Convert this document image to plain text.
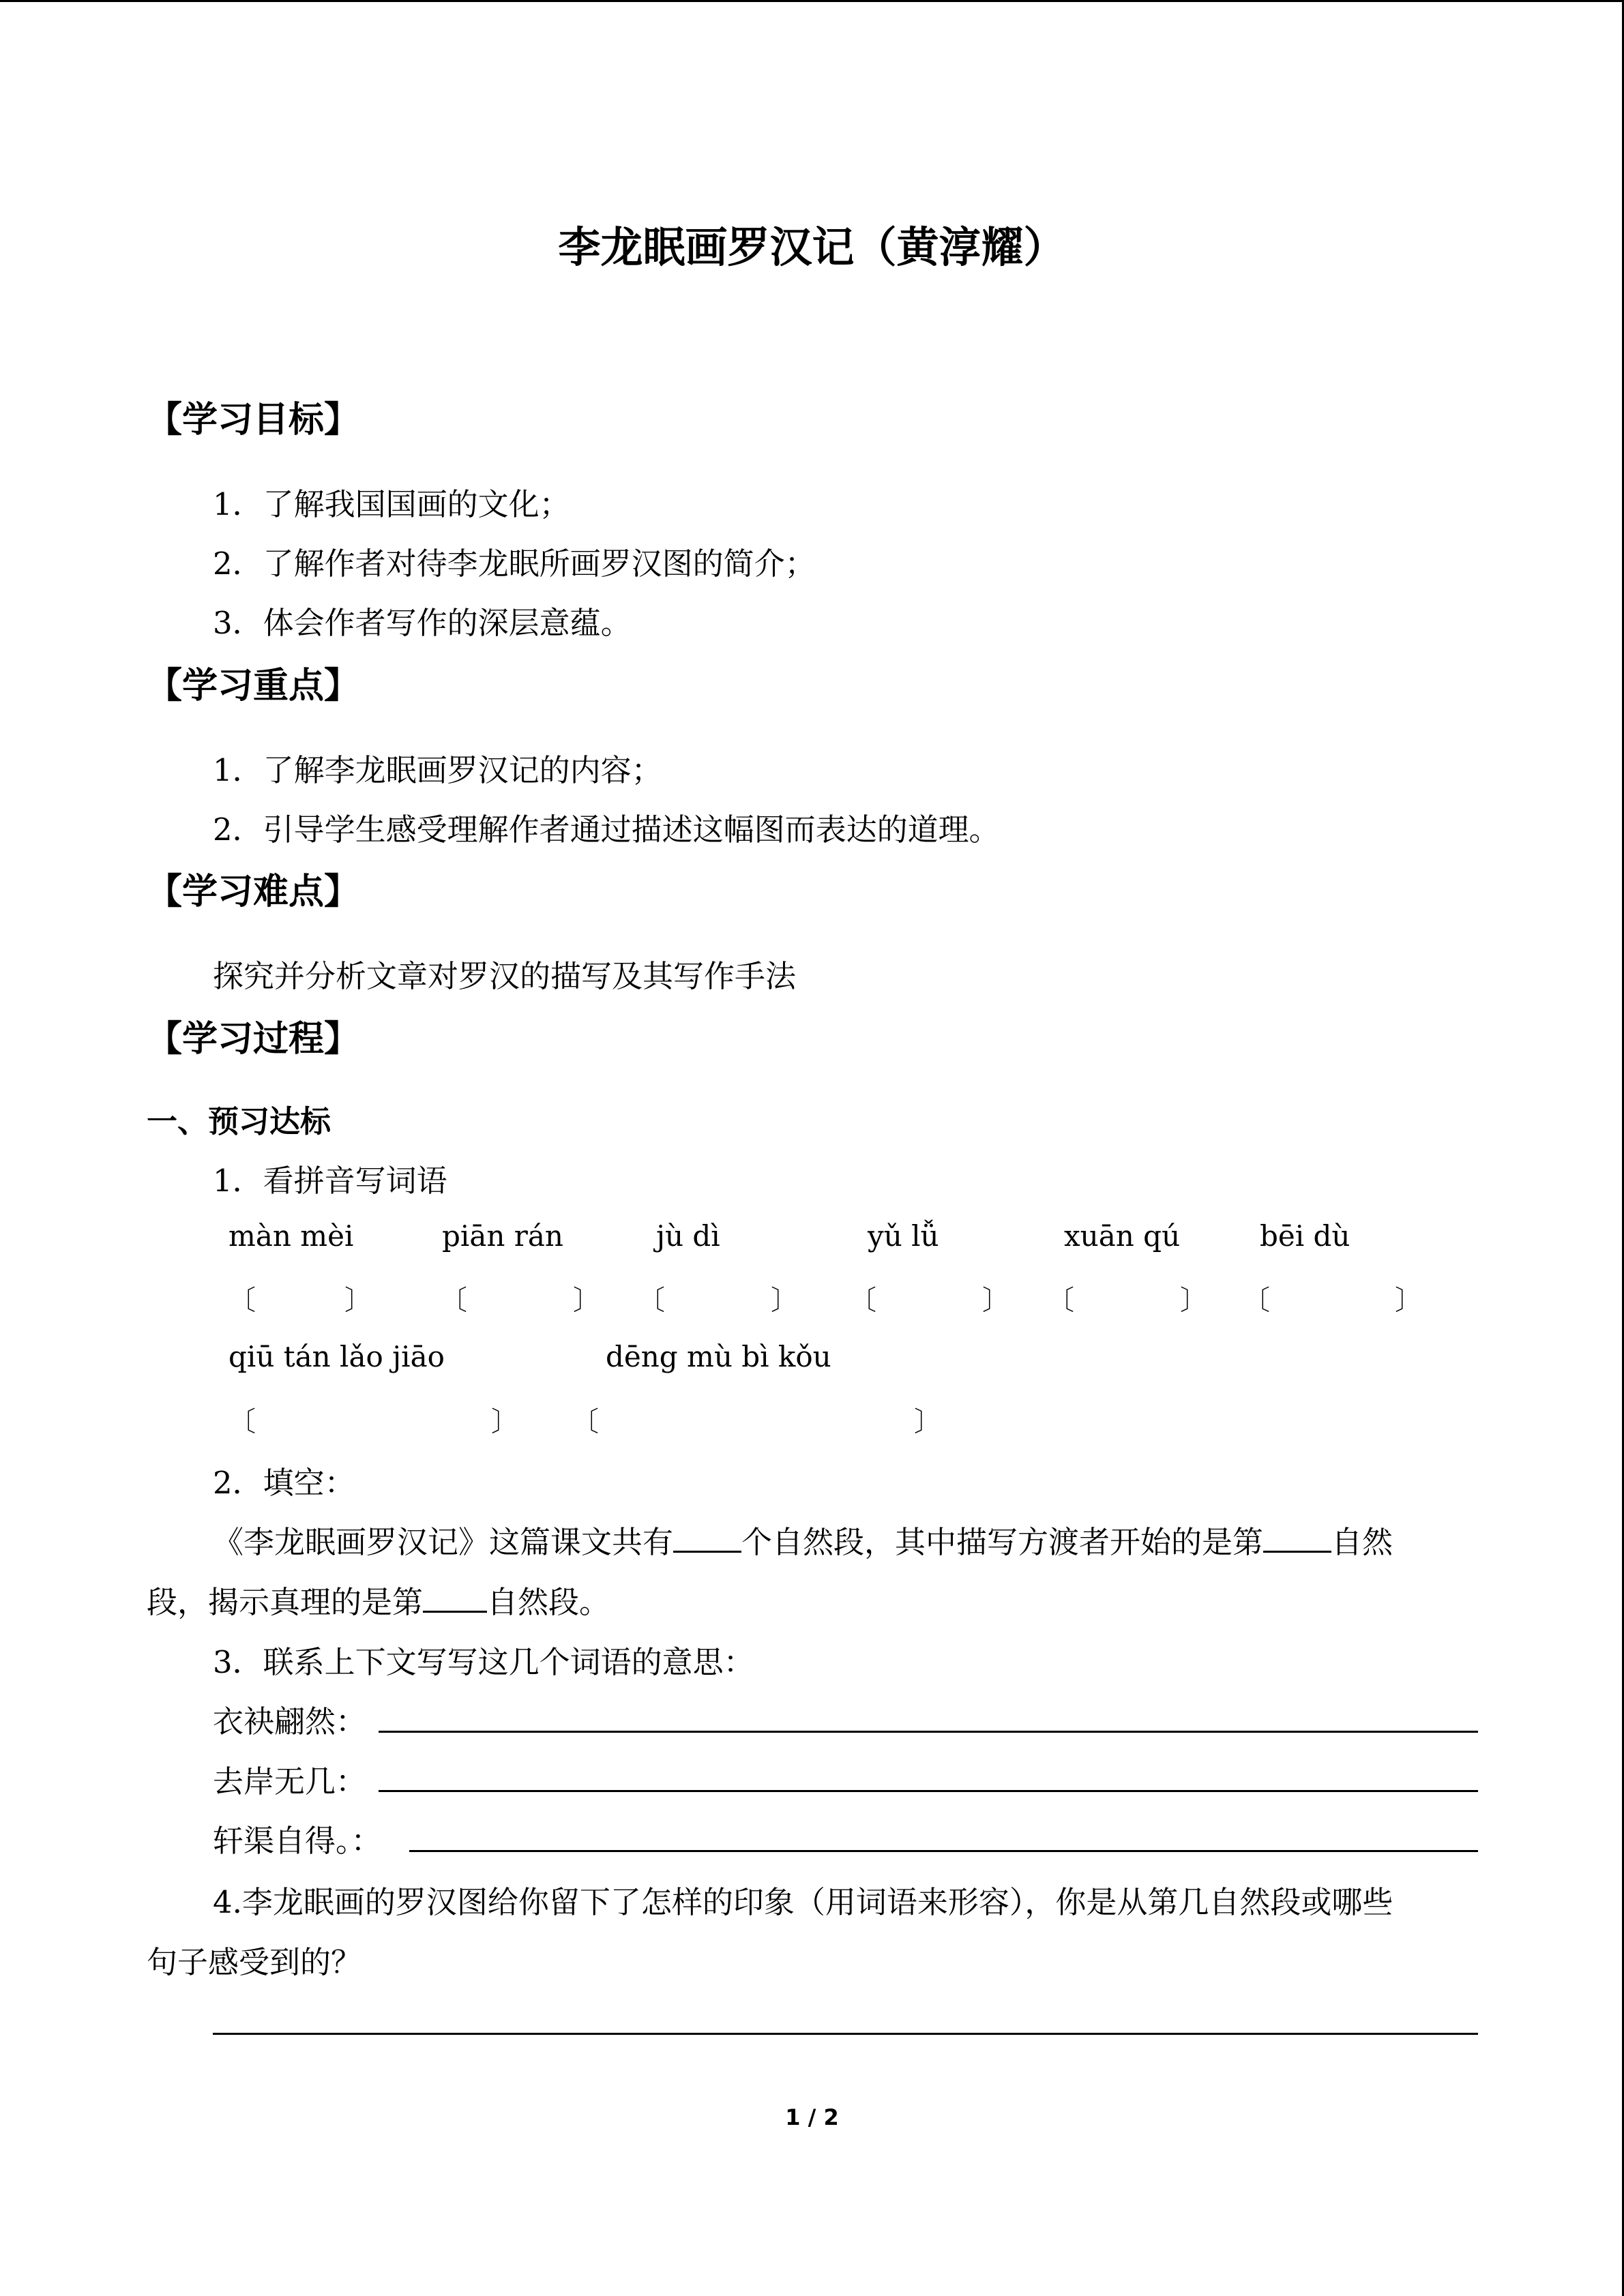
李龙眠画罗汉记（黄淳耀）
【学习目标】
1．了解我国国画的文化；
2．了解作者对待李龙眠所画罗汉图的简介；
3．体会作者写作的深层意蕴。
【学习重点】
1．了解李龙眠画罗汉记的内容；
2．引导学生感受理解作者通过描述这幅图而表达的道理。
【学习难点】
探究并分析文章对罗汉的描写及其写作手法
【学习过程】
一、预习达标
1．看拼音写词语
màn mèi	piān rán	jù dì	yǔ lǚ	xuān qú	bēi dù
〔	〕	〔	〕 〔	〕 〔	〕 〔	〕 〔	〕
qiū tán lǎo jiāo	dēng mù bì kǒu
〔	〕 〔	〕
2．填空：
《李龙眠画罗汉记》这篇课文共有 个自然段，其中描写方渡者开始的是第 自然
段，揭示真理的是第 自然段。
3．联系上下文写写这几个词语的意思：
衣袂翩然：
去岸无几：
轩渠自得。：
4.李龙眠画的罗汉图给你留下了怎样的印象（用词语来形容），你是从第几自然段或哪些
句子感受到的？
1 / 2
